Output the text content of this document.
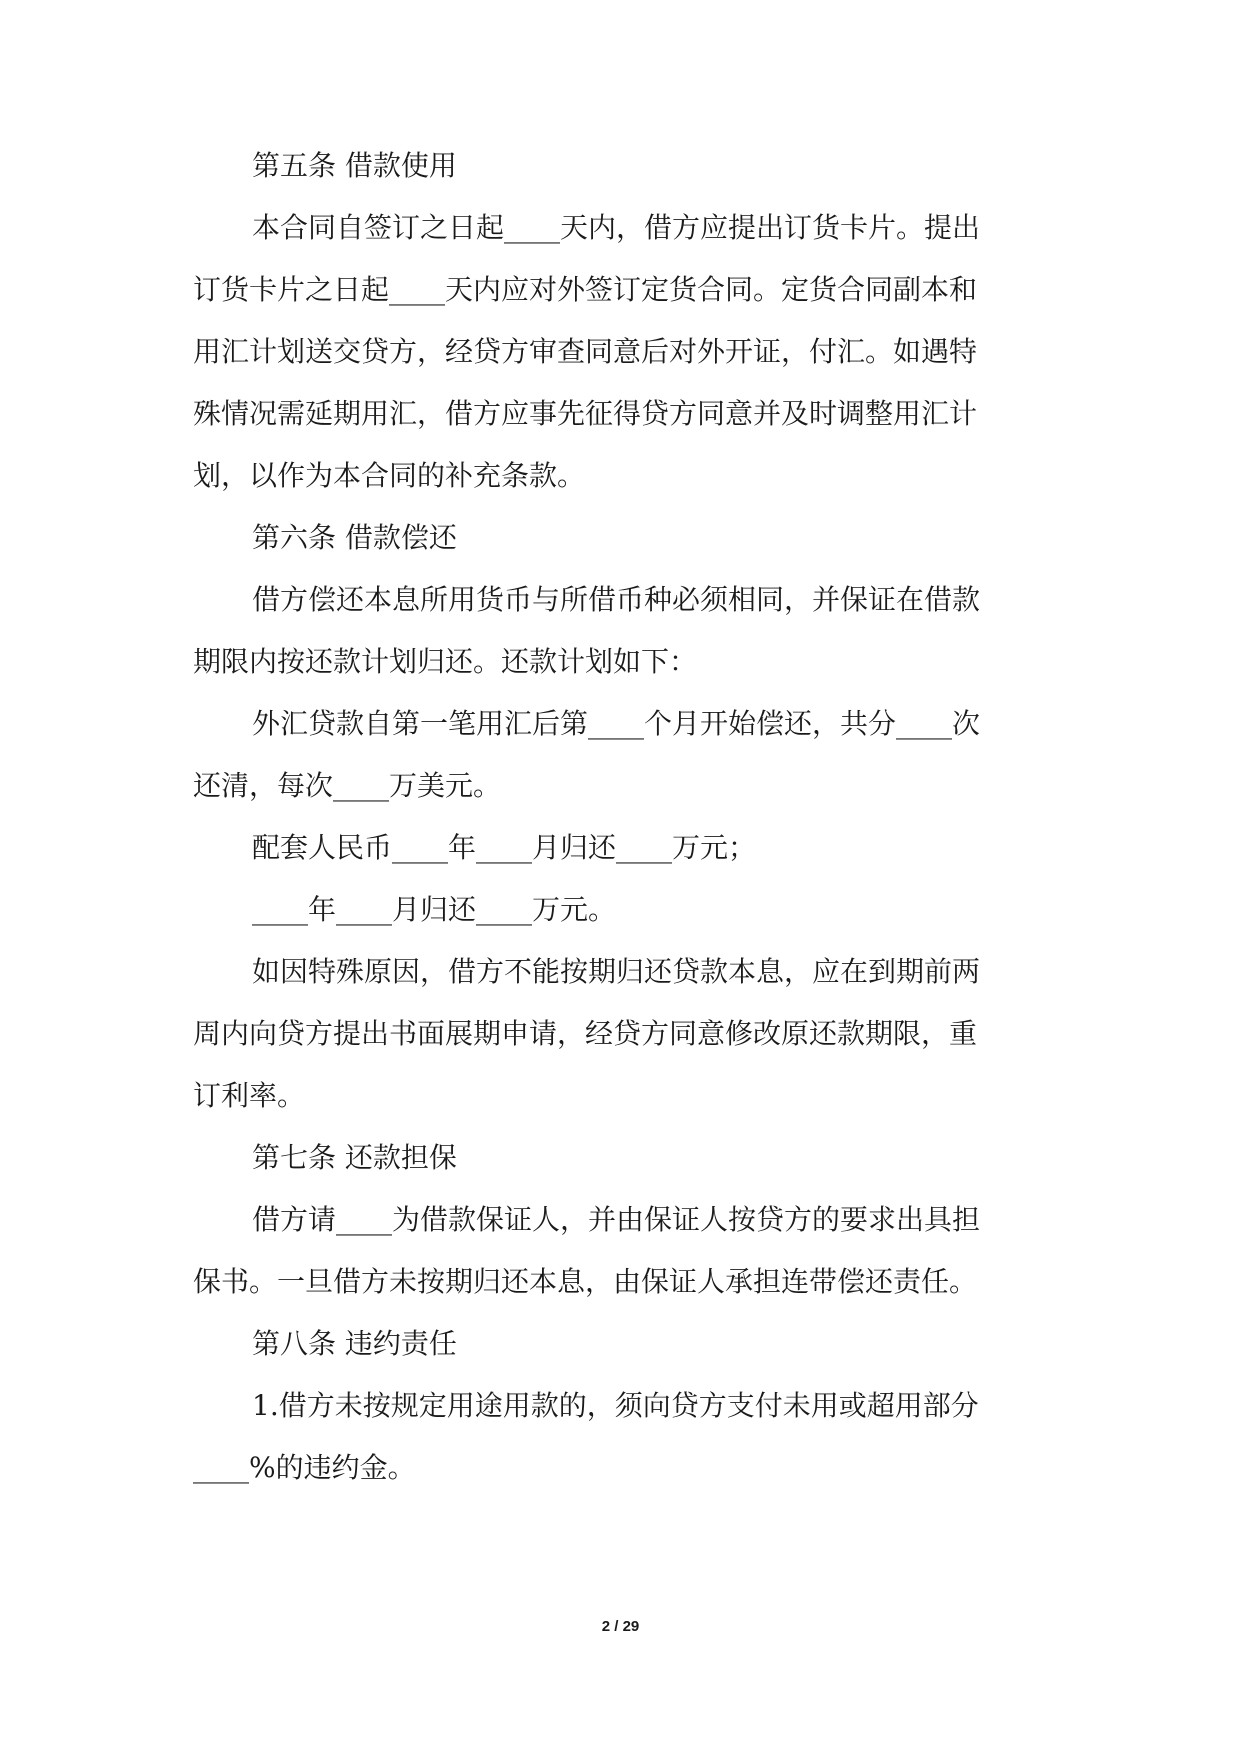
第五条 借款使用
本合同自签订之日起____天内，借方应提出订货卡片。提出
订货卡片之日起____天内应对外签订定货合同。定货合同副本和
用汇计划送交贷方，经贷方审查同意后对外开证，付汇。如遇特
殊情况需延期用汇，借方应事先征得贷方同意并及时调整用汇计
划，以作为本合同的补充条款。
第六条 借款偿还
借方偿还本息所用货币与所借币种必须相同，并保证在借款
期限内按还款计划归还。还款计划如下：
外汇贷款自第一笔用汇后第____个月开始偿还，共分____次
还清，每次____万美元。
配套人民币____年____月归还____万元；
____年____月归还____万元。
如因特殊原因，借方不能按期归还贷款本息，应在到期前两
周内向贷方提出书面展期申请，经贷方同意修改原还款期限，重
订利率。
第七条 还款担保
借方请____为借款保证人，并由保证人按贷方的要求出具担
保书。一旦借方未按期归还本息，由保证人承担连带偿还责任。
第八条 违约责任
1.借方未按规定用途用款的，须向贷方支付未用或超用部分
____%的违约金。
2 / 29
